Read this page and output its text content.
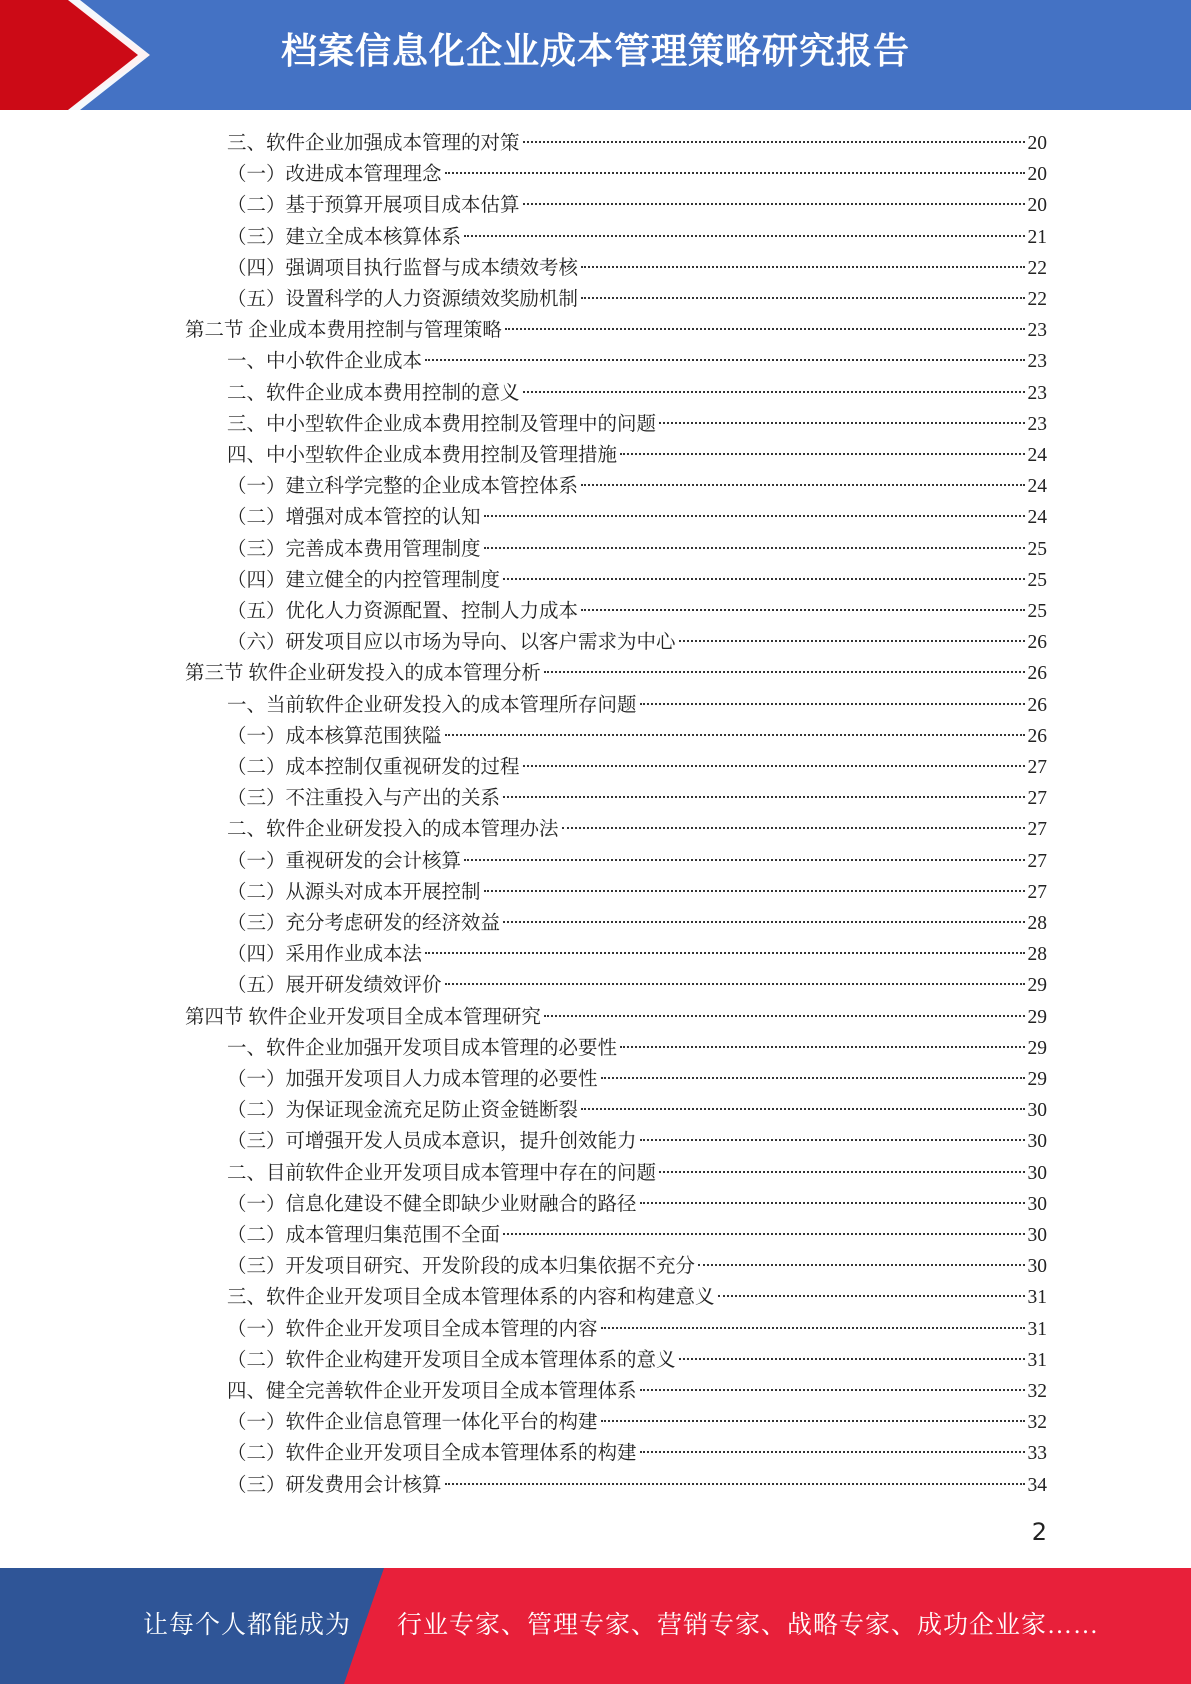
档案信息化企业成本管理策略研究报告
三、软件企业加强成本管理的对策	20
（一）改进成本管理理念	20
（二）基于预算开展项目成本估算	20
（三）建立全成本核算体系	21
（四）强调项目执行监督与成本绩效考核	22
（五）设置科学的人力资源绩效奖励机制	22
第二节 企业成本费用控制与管理策略	23
一、中小软件企业成本	23
二、软件企业成本费用控制的意义	23
三、中小型软件企业成本费用控制及管理中的问题	23
四、中小型软件企业成本费用控制及管理措施	24
（一）建立科学完整的企业成本管控体系	24
（二）增强对成本管控的认知	24
（三）完善成本费用管理制度	25
（四）建立健全的内控管理制度	25
（五）优化人力资源配置、控制人力成本	25
（六）研发项目应以市场为导向、以客户需求为中心	26
第三节 软件企业研发投入的成本管理分析	26
一、当前软件企业研发投入的成本管理所存问题	26
（一）成本核算范围狭隘	26
（二）成本控制仅重视研发的过程	27
（三）不注重投入与产出的关系	27
二、软件企业研发投入的成本管理办法	27
（一）重视研发的会计核算	27
（二）从源头对成本开展控制	27
（三）充分考虑研发的经济效益	28
（四）采用作业成本法	28
（五）展开研发绩效评价	29
第四节 软件企业开发项目全成本管理研究	29
一、软件企业加强开发项目成本管理的必要性	29
（一）加强开发项目人力成本管理的必要性	29
（二）为保证现金流充足防止资金链断裂	30
（三）可增强开发人员成本意识，提升创效能力	30
二、目前软件企业开发项目成本管理中存在的问题	30
（一）信息化建设不健全即缺少业财融合的路径	30
（二）成本管理归集范围不全面	30
（三）开发项目研究、开发阶段的成本归集依据不充分	30
三、软件企业开发项目全成本管理体系的内容和构建意义	31
（一）软件企业开发项目全成本管理的内容	31
（二）软件企业构建开发项目全成本管理体系的意义	31
四、健全完善软件企业开发项目全成本管理体系	32
（一）软件企业信息管理一体化平台的构建	32
（二）软件企业开发项目全成本管理体系的构建	33
（三）研发费用会计核算	34
2
让每个人都能成为 行业专家、管理专家、营销专家、战略专家、成功企业家……
